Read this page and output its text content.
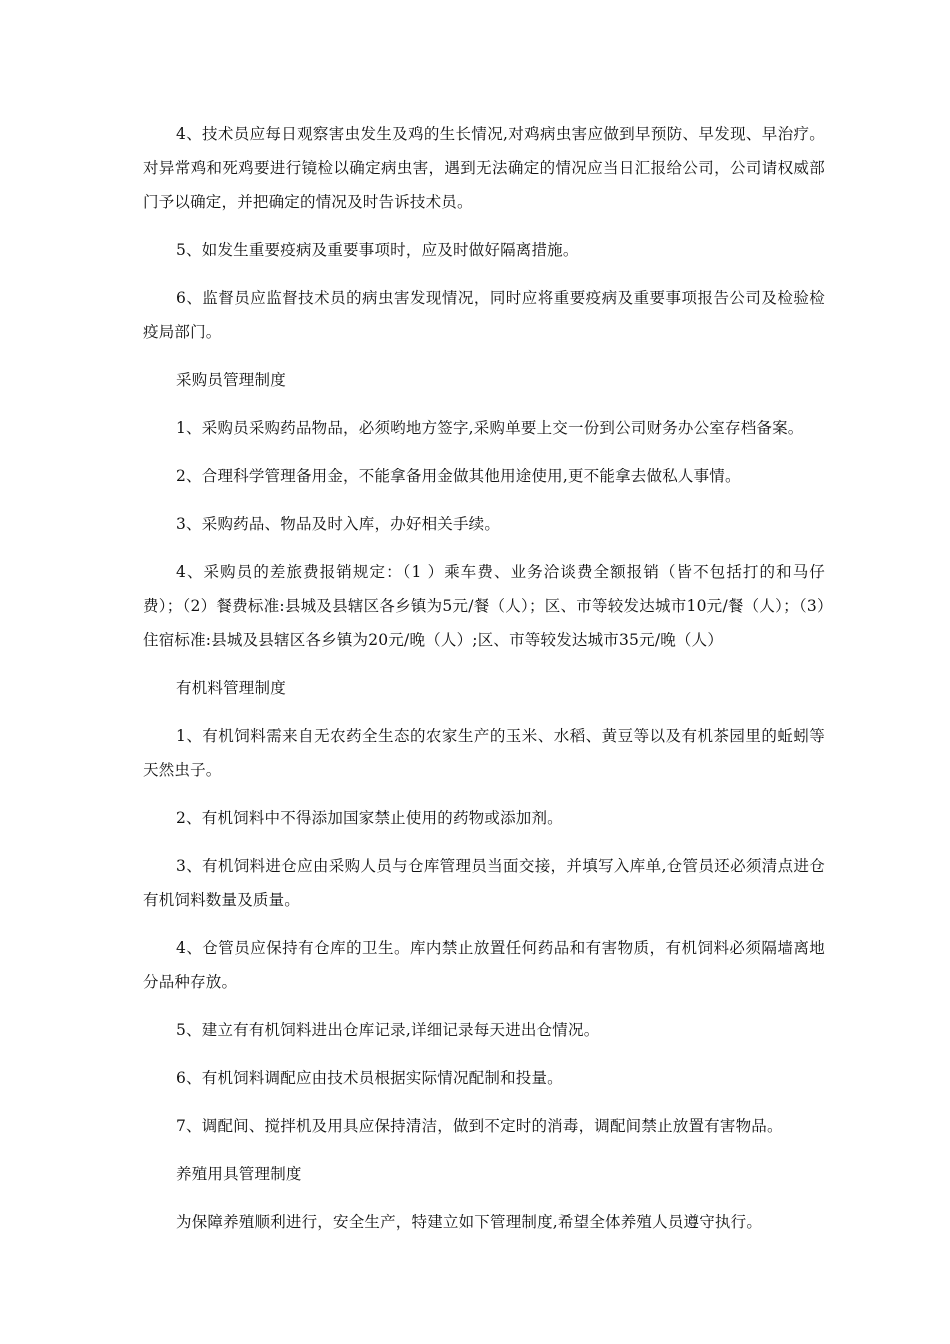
4、技术员应每日观察害虫发生及鸡的生长情况,对鸡病虫害应做到早预防、早发现、早治疗。对异常鸡和死鸡要进行镜检以确定病虫害，遇到无法确定的情况应当日汇报给公司，公司请权威部门予以确定，并把确定的情况及时告诉技术员。

5、如发生重要疫病及重要事项时，应及时做好隔离措施。

6、监督员应监督技术员的病虫害发现情况，同时应将重要疫病及重要事项报告公司及检验检疫局部门。

采购员管理制度

1、采购员采购药品物品，必须哟地方签字,采购单要上交一份到公司财务办公室存档备案。

2、合理科学管理备用金，不能拿备用金做其他用途使用,更不能拿去做私人事情。

3、采购药品、物品及时入库，办好相关手续。

4、采购员的差旅费报销规定：（1 ）乘车费、业务洽谈费全额报销（皆不包括打的和马仔费）；（2）餐费标准:县城及县辖区各乡镇为5元/餐（人）；区、市等较发达城市10元/餐（人）；（3）住宿标准:县城及县辖区各乡镇为20元/晚（人）;区、市等较发达城市35元/晚（人）

有机料管理制度

1、有机饲料需来自无农药全生态的农家生产的玉米、水稻、黄豆等以及有机茶园里的蚯蚓等天然虫子。

2、有机饲料中不得添加国家禁止使用的药物或添加剂。

3、有机饲料进仓应由采购人员与仓库管理员当面交接，并填写入库单,仓管员还必须清点进仓有机饲料数量及质量。

4、仓管员应保持有仓库的卫生。库内禁止放置任何药品和有害物质，有机饲料必须隔墙离地分品种存放。

5、建立有有机饲料进出仓库记录,详细记录每天进出仓情况。

6、有机饲料调配应由技术员根据实际情况配制和投量。

7、调配间、搅拌机及用具应保持清洁，做到不定时的消毒，调配间禁止放置有害物品。

养殖用具管理制度

为保障养殖顺利进行，安全生产，特建立如下管理制度,希望全体养殖人员遵守执行。
